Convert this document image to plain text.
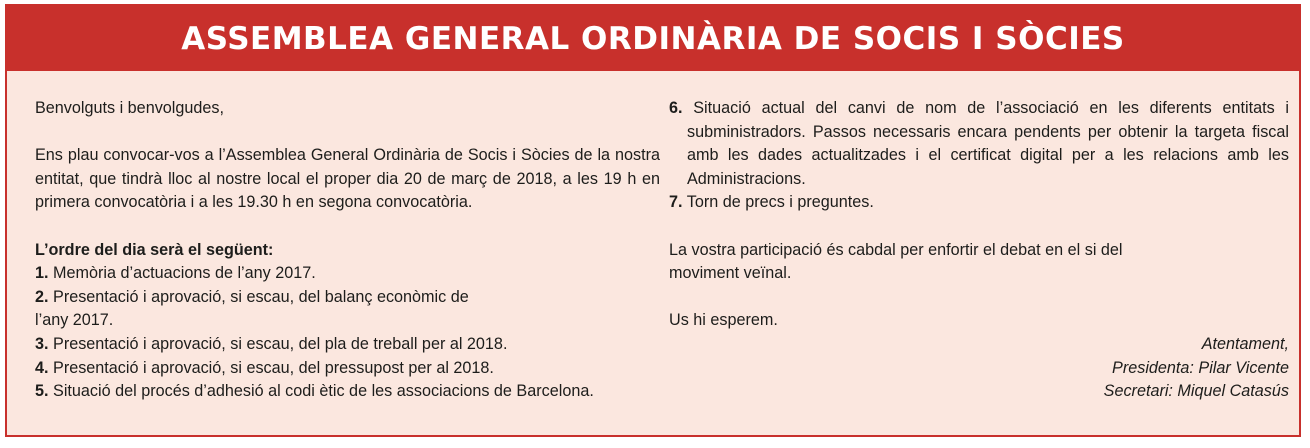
ASSEMBLEA GENERAL ORDINÀRIA DE SOCIS I SÒCIES

Benvolguts i benvolgudes,

Ens plau convocar-vos a l’Assemblea General Ordinària de Socis i Sòcies de la nostra entitat, que tindrà lloc al nostre local el proper dia 20 de març de 2018, a les 19 h en primera convocatòria i a les 19.30 h en segona convocatòria.

L’ordre del dia serà el següent:

1. Memòria d’actuacions de l’any 2017.

2. Presentació i aprovació, si escau, del balanç econòmic de

l’any 2017.

3. Presentació i aprovació, si escau, del pla de treball per al 2018.

4. Presentació i aprovació, si escau, del pressupost per al 2018.

5. Situació del procés d’adhesió al codi ètic de les associacions de Barcelona.

6. Situació actual del canvi de nom de l’associació en les diferents entitats i subministradors. Passos necessaris encara pendents per obtenir la targeta fiscal amb les dades actualitzades i el certificat digital per a les relacions amb les Administracions.

7. Torn de precs i preguntes.

La vostra participació és cabdal per enfortir el debat en el si del

moviment veïnal.

Us hi esperem.

Atentament,

Presidenta: Pilar Vicente

Secretari: Miquel Catasús
